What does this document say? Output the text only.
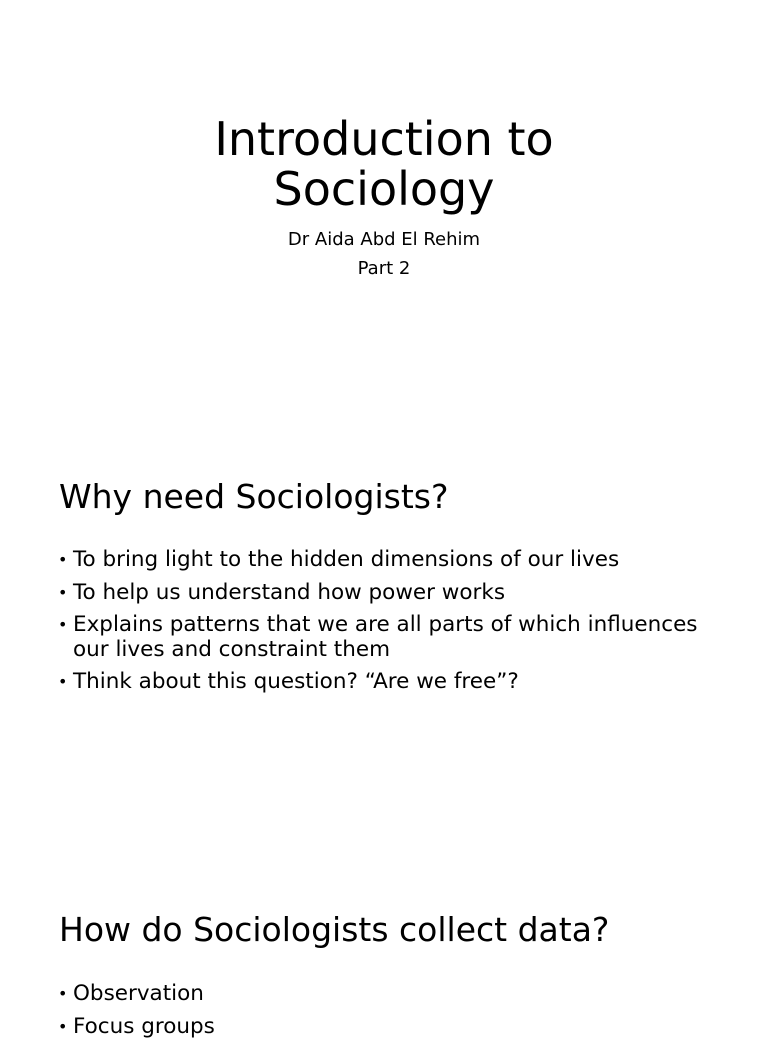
Introduction to
Sociology

Dr Aida Abd El Rehim

Part 2

Why need Sociologists?
• To bring light to the hidden dimensions of our lives
• To help us understand how power works
• Explains patterns that we are all parts of which influences our lives and constraint them
• Think about this question? “Are we free”?
How do Sociologists collect data?
• Observation
• Focus groups
